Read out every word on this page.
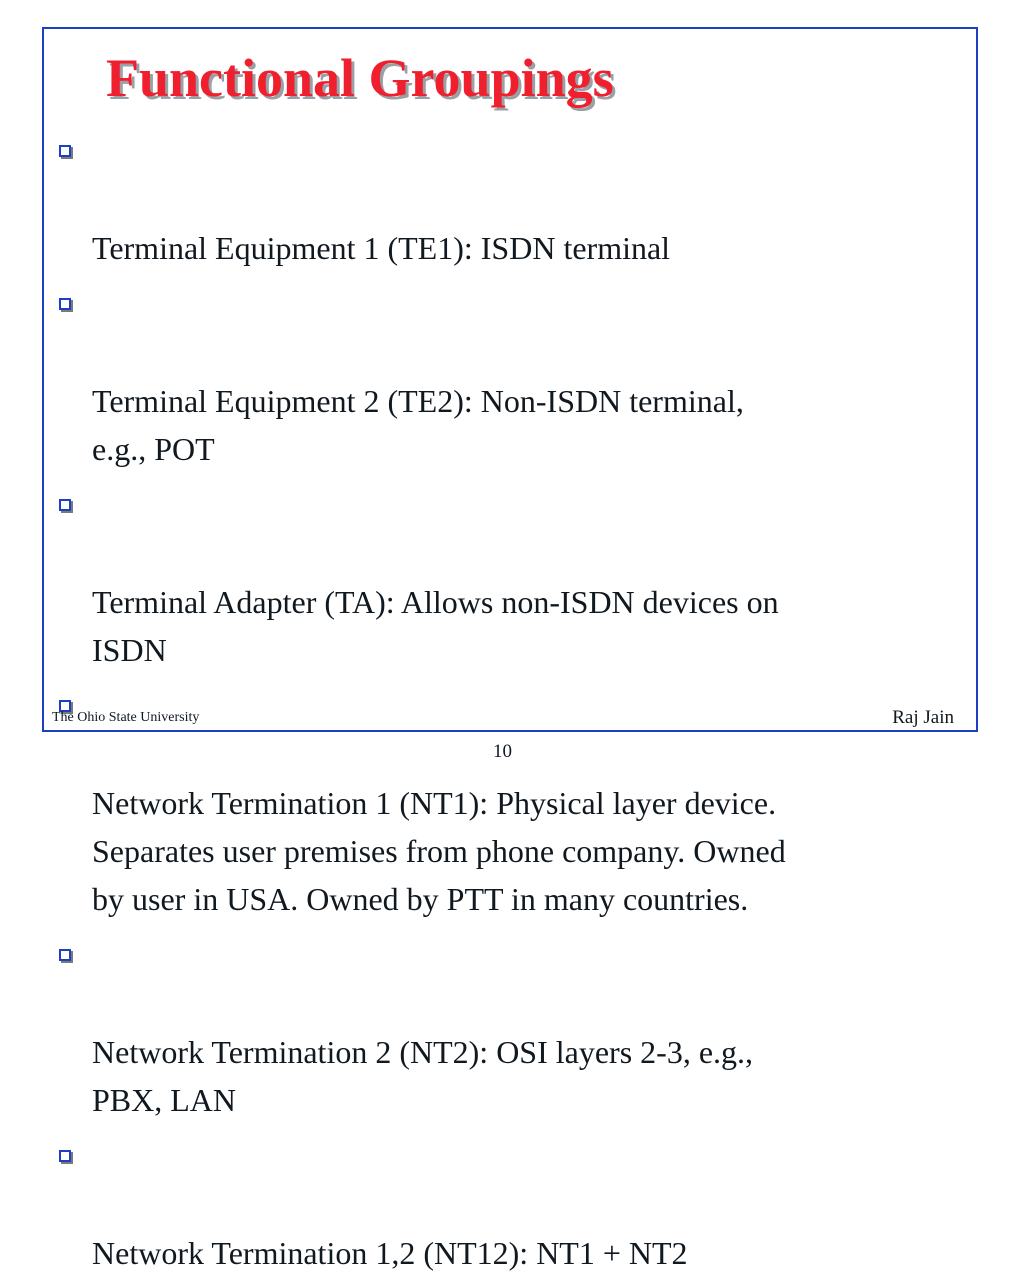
Functional Groupings

Terminal Equipment 1 (TE1): ISDN terminal

Terminal Equipment 2 (TE2): Non-ISDN terminal,
e.g., POT

Terminal Adapter (TA): Allows non-ISDN devices on
ISDN

Network Termination 1 (NT1): Physical layer device.
Separates user premises from phone company. Owned
by user in USA. Owned by PTT in many countries.

Network Termination 2 (NT2): OSI layers 2-3, e.g.,
PBX, LAN

Network Termination 1,2 (NT12): NT1 + NT2

The Ohio State University	Raj Jain
10
